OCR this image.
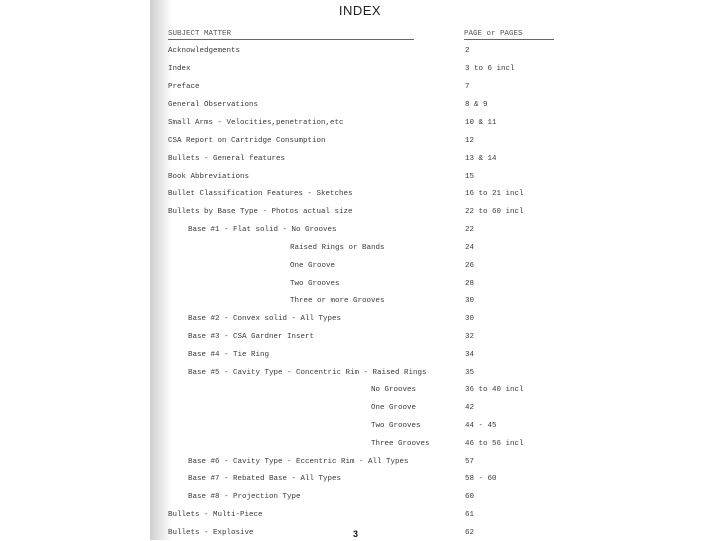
INDEX
SUBJECT MATTER	PAGE or PAGES
Acknowledgements	2
Index	3 to 6 incl
Preface	7
General Observations	8 & 9
Small Arms - Velocities,penetration,etc	10 & 11
CSA Report on Cartridge Consumption	12
Bullets - General features	13 & 14
Book Abbreviations	15
Bullet Classification Features - Sketches	16 to 21 incl
Bullets by Base Type - Photos actual size	22 to 60 incl
Base #1 - Flat solid - No Grooves	22
Raised Rings or Bands	24
One Groove	26
Two Grooves	28
Three or more Grooves	30
Base #2 - Convex solid - All Types	30
Base #3 - CSA Gardner Insert	32
Base #4 - Tie Ring	34
Base #5 - Cavity Type - Concentric Rim - Raised Rings	35
No Grooves	36 to 40 incl
One Groove	42
Two Grooves	44 - 45
Three Grooves	46 to 56 incl
Base #6 - Cavity Type - Eccentric Rim - All Types	57
Base #7 - Rebated Base - All Types	58 - 60
Base #8 - Projection Type	60
Bullets - Multi-Piece	61
Bullets - Explosive	62
3
